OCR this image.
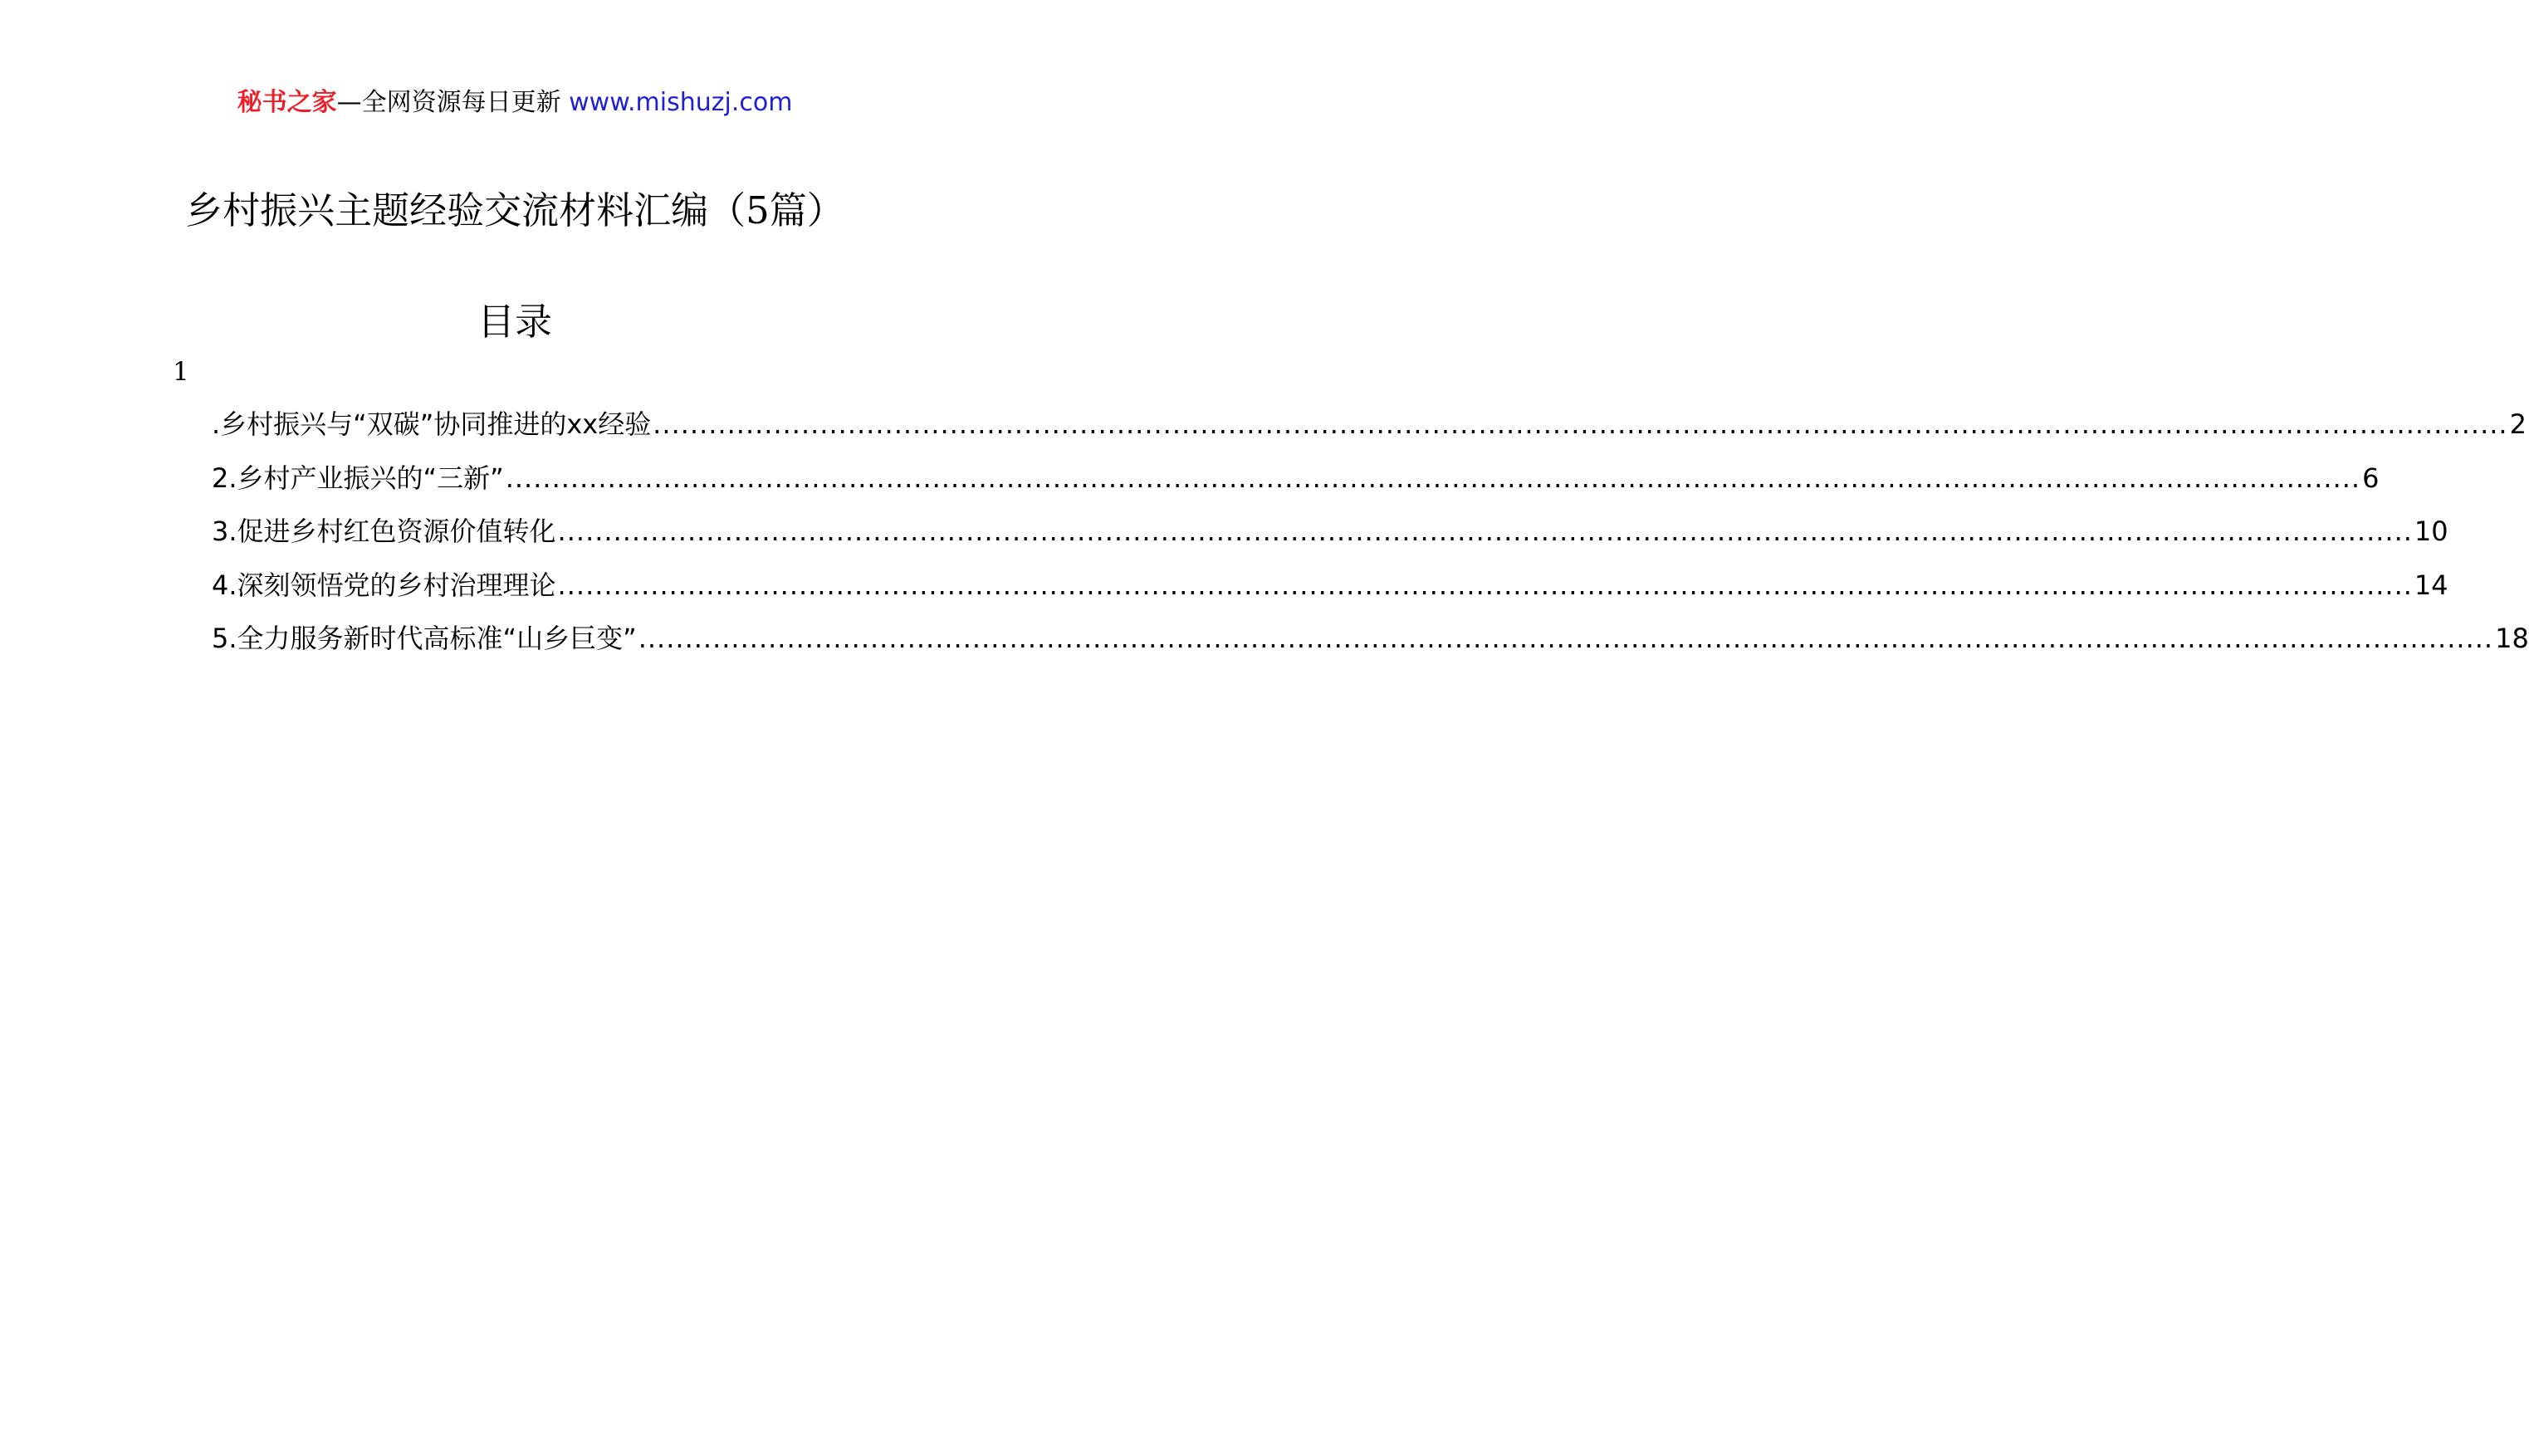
秘书之家—全网资源每日更新 www.mishuzj.com
乡村振兴主题经验交流材料汇编（5篇）
目录
1
.乡村振兴与“双碳”协同推进的xx经验 ........................................................................................................................................................................................................ 2
2.乡村产业振兴的“三新” ........................................................................................................................................................................................................ 6
3.促进乡村红色资源价值转化 ........................................................................................................................................................................................................ 10
4.深刻领悟党的乡村治理理论 ........................................................................................................................................................................................................ 14
5.全力服务新时代高标准“山乡巨变” ........................................................................................................................................................................................................ 18
